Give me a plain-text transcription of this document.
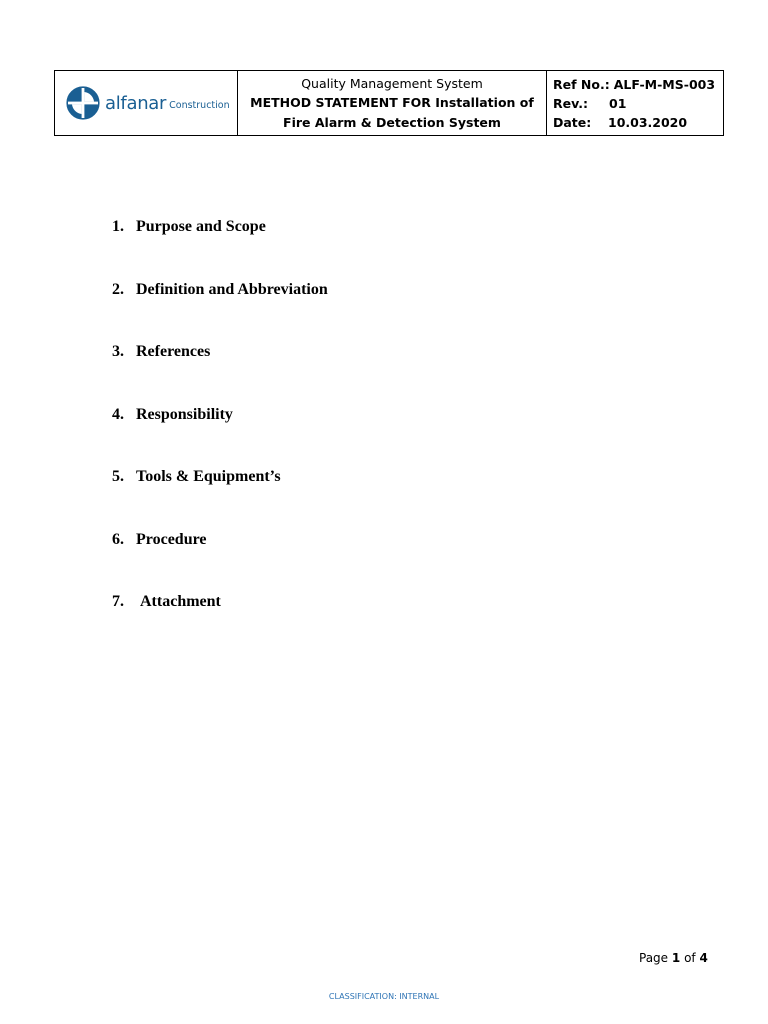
alfanar Construction

Quality Management System
METHOD STATEMENT FOR Installation of
Fire Alarm & Detection System

Ref No.: ALF-M-MS-003
Rev.:	01
Date:	10.03.2020
1. Purpose and Scope
2. Definition and Abbreviation
3. References
4. Responsibility
5. Tools & Equipment’s
6. Procedure
7.	Attachment
Page 1 of 4
CLASSIFICATION: INTERNAL
